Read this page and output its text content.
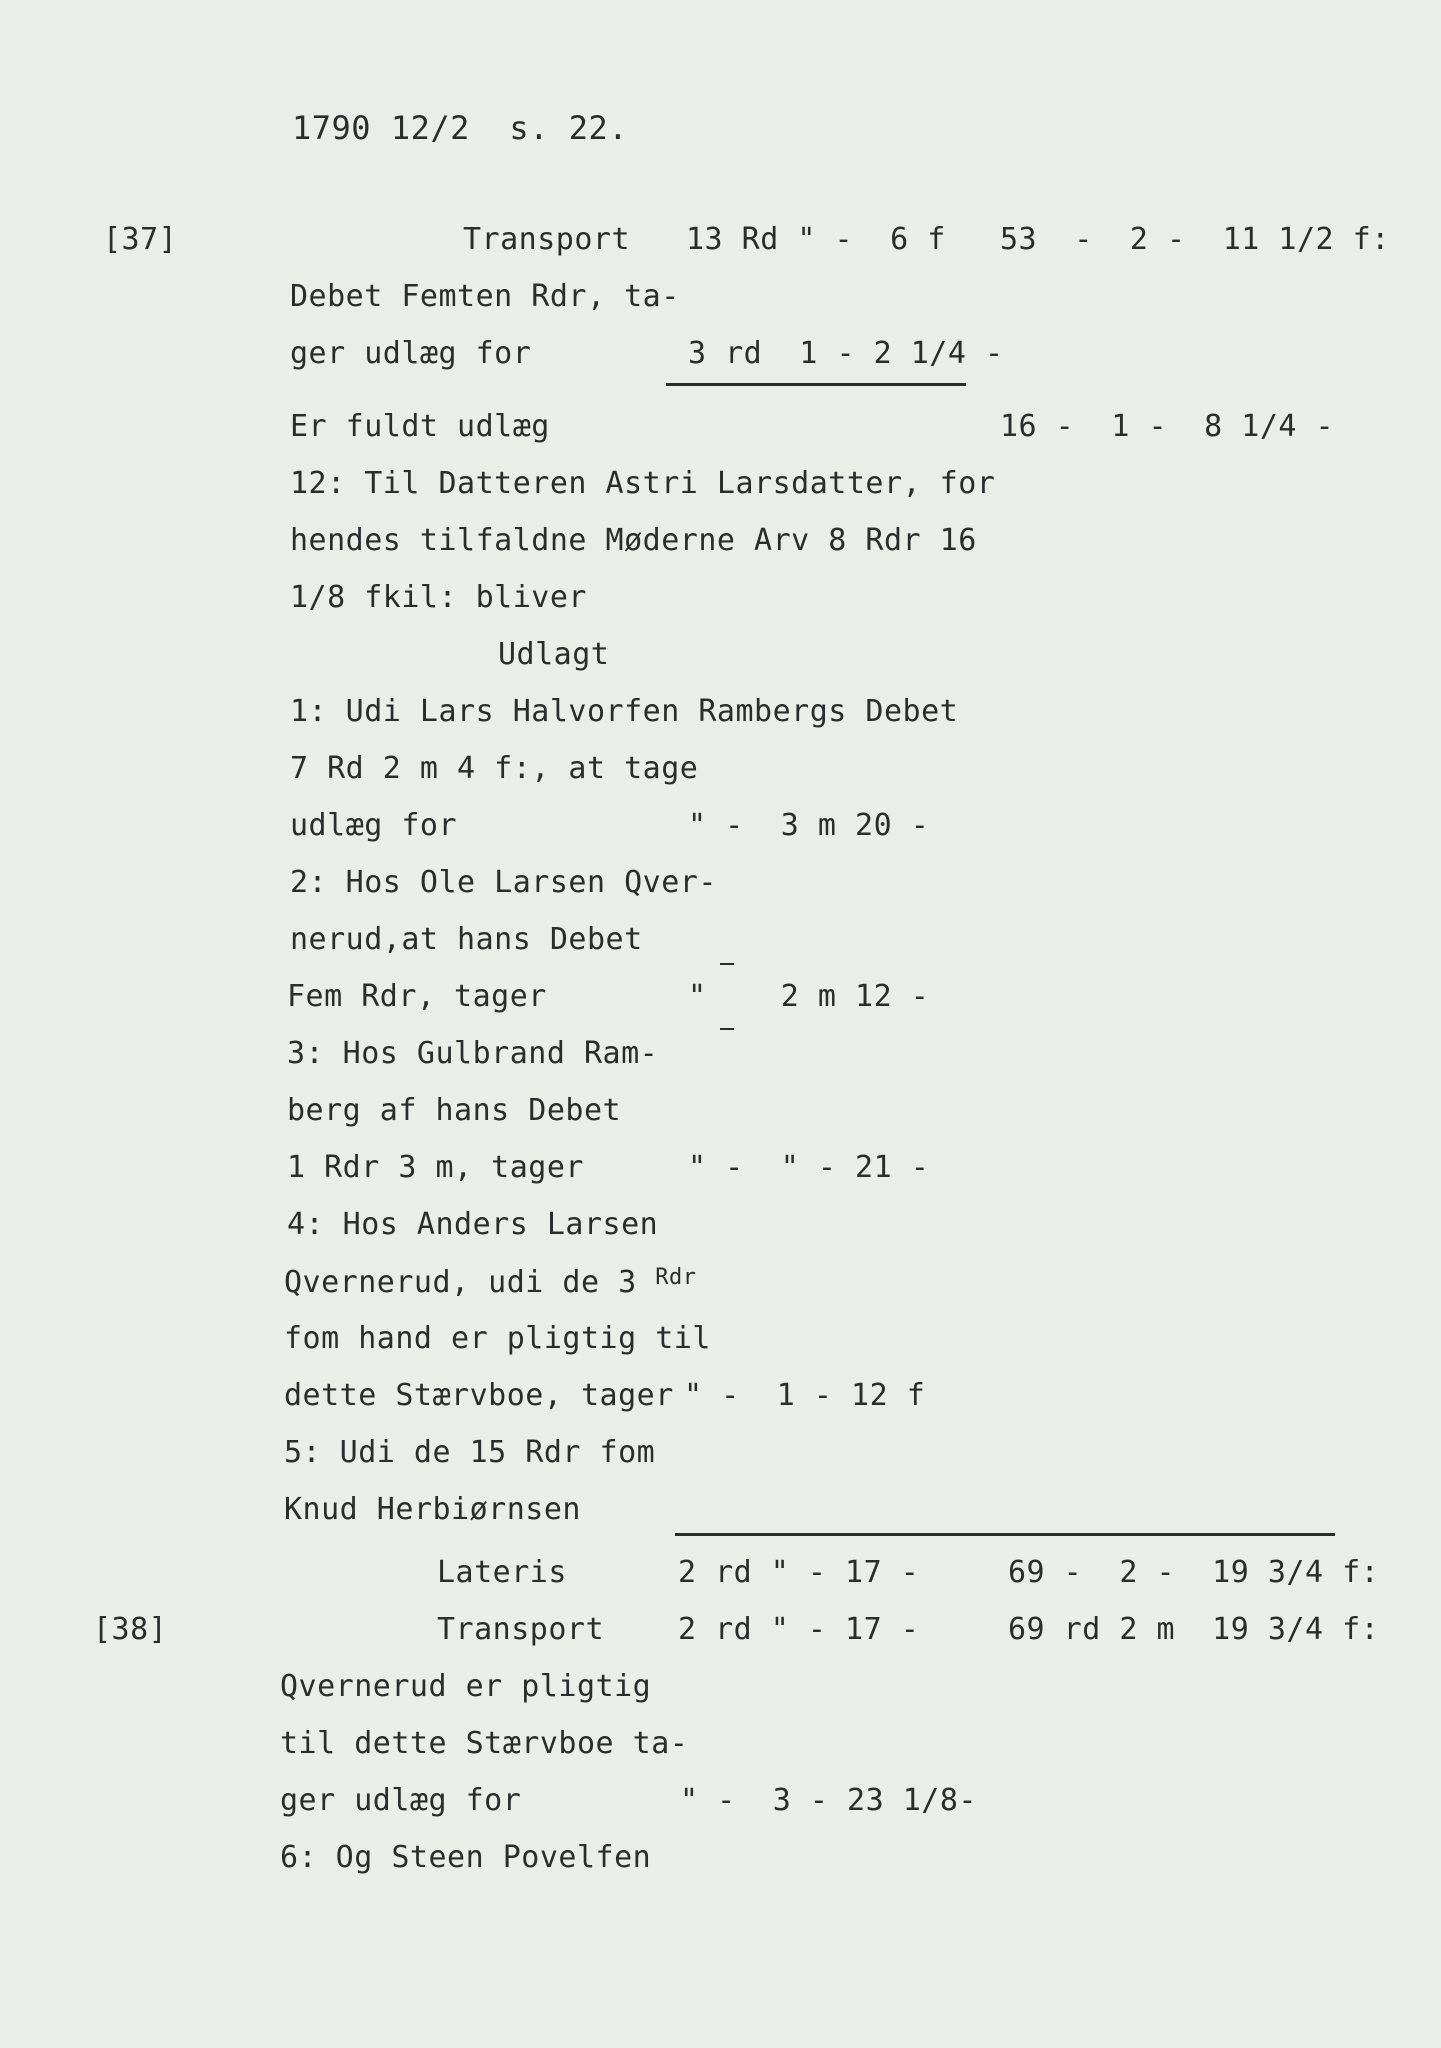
1790 12/2  s. 22.
[37]	Transport 13 Rd " -  6 f 53  -  2 -  11 1/2 f:
Debet Femten Rdr, ta-
ger udlæg for	3 rd  1 - 2 1/4 -
Er fuldt udlæg	16 -  1 -  8 1/4 -
12: Til Datteren Astri Larsdatter, for
hendes tilfaldne Møderne Arv 8 Rdr 16
1/8 fkil: bliver
Udlagt
1: Udi Lars Halvorfen Rambergs Debet
7 Rd 2 m 4 f:, at tage
udlæg for	" -  3 m 20 -
2: Hos Ole Larsen Qver-
nerud,at hans Debet
Fem Rdr, tager	"    2 m 12 -
3: Hos Gulbrand Ram-
berg af hans Debet
1 Rdr 3 m, tager	" -  " - 21 -
4: Hos Anders Larsen
Qvernerud, udi de 3 $^{Rdr}$
fom hand er pligtig til
dette Stærvboe, tager " -  1 - 12 f
5: Udi de 15 Rdr fom
Knud Herbiørnsen
Lateris	2 rd " - 17 -	69 -  2 -  19 3/4 f:
[38]	Transport 2 rd " - 17 -	69 rd 2 m  19 3/4 f:
Qvernerud er pligtig
til dette Stærvboe ta-
ger udlæg for	" -  3 - 23 1/8-
6: Og Steen Povelfen
